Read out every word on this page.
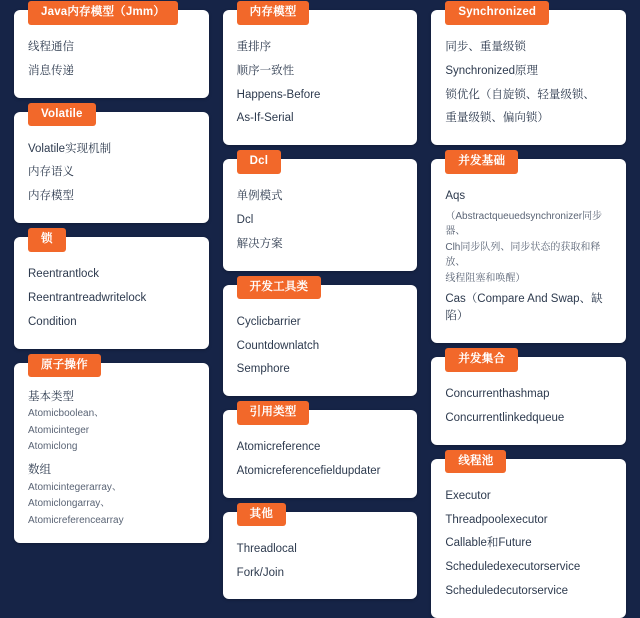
Java内存模型（Jmm）
线程通信
消息传递
Volatile
Volatile实现机制
内存语义
内存模型
锁
Reentrantlock
Reentrantreadwritelock
Condition
原子操作
基本类型
Atomicboolean、
Atomicinteger
Atomiclong
数组
Atomicintegerarray、
Atomiclongarray、
Atomicreferencearray
内存模型
重排序
顺序一致性
Happens-Before
As-If-Serial
Dcl
单例模式
Dcl
解决方案
开发工具类
Cyclicbarrier
Countdownlatch
Semphore
引用类型
Atomicreference
Atomicreferencefieldupdater
其他
Threadlocal
Fork/Join
Synchronized
同步、重量级锁
Synchronized原理
锁优化（自旋锁、轻量级锁、
重量级锁、偏向锁）
并发基础
Aqs
（Abstractqueuedsynchronizer同步器、
Clh同步队列、同步状态的获取和释放、
线程阻塞和唤醒）
Cas（Compare And Swap、缺陷）
并发集合
Concurrenthashmap
Concurrentlinkedqueue
线程池
Executor
Threadpoolexecutor
Callable和Future
Scheduledexecutorservice
Scheduledecutorservice
